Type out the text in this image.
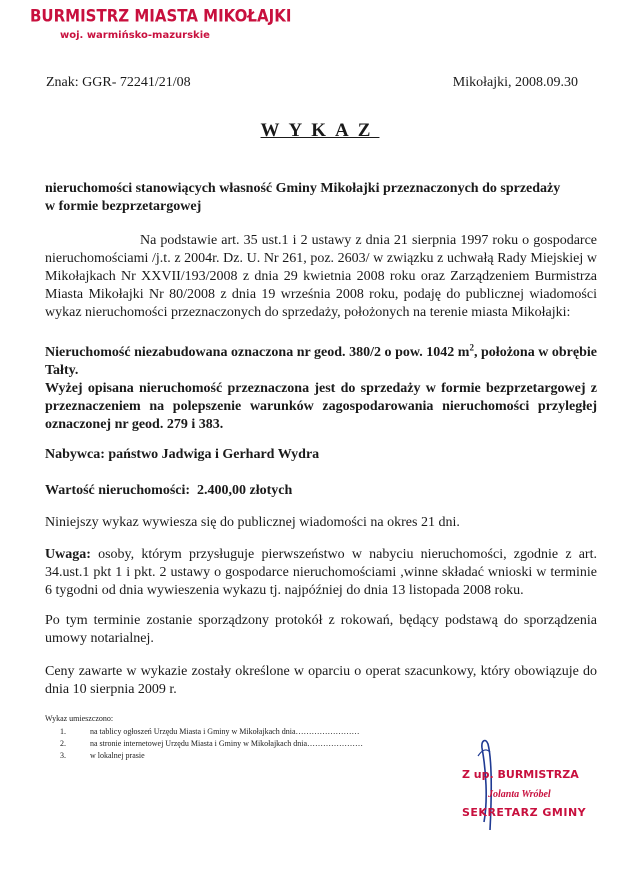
BURMISTRZ MIASTA MIKOŁAJKI
woj. warmińsko-mazurskie
Znak: GGR- 72241/21/08	Mikołajki, 2008.09.30
WYKAZ
nieruchomości stanowiących własność Gminy Mikołajki przeznaczonych do sprzedaży
w formie bezprzetargowej
Na podstawie art. 35 ust.1 i 2 ustawy z dnia 21 sierpnia 1997 roku o gospodarce nieruchomościami /j.t. z 2004r. Dz. U. Nr 261, poz. 2603/ w związku z uchwałą Rady Miejskiej w Mikołajkach Nr XXVII/193/2008 z dnia 29 kwietnia 2008 roku oraz Zarządzeniem Burmistrza Miasta Mikołajki Nr 80/2008 z dnia 19 września 2008 roku, podaję do publicznej wiadomości wykaz nieruchomości przeznaczonych do sprzedaży, położonych na terenie miasta Mikołajki:
Nieruchomość niezabudowana oznaczona nr geod. 380/2 o pow. 1042 $m^2$, położona w obrębie Tałty.
Wyżej opisana nieruchomość przeznaczona jest do sprzedaży w formie bezprzetargowej z przeznaczeniem na polepszenie warunków zagospodarowania nieruchomości przyległej oznaczonej nr geod. 279 i 383.
Nabywca: państwo Jadwiga i Gerhard Wydra
Wartość nieruchomości: 2.400,00 złotych
Niniejszy wykaz wywiesza się do publicznej wiadomości na okres 21 dni.
Uwaga: osoby, którym przysługuje pierwszeństwo w nabyciu nieruchomości, zgodnie z art. 34.ust.1 pkt 1 i pkt. 2 ustawy o gospodarce nieruchomościami ,winne składać wnioski w terminie 6 tygodni od dnia wywieszenia wykazu tj. najpóźniej do dnia 13 listopada 2008 roku.
Po tym terminie zostanie sporządzony protokół z rokowań, będący podstawą do sporządzenia umowy notarialnej.
Ceny zawarte w wykazie zostały określone w oparciu o operat szacunkowy, który obowiązuje do dnia 10 sierpnia 2009 r.
Wykaz umieszczono:
1.	na tablicy ogłoszeń Urzędu Miasta i Gminy w Mikołajkach dnia……………………
2.	na stronie internetowej Urzędu Miasta i Gminy w Mikołajkach dnia…………………
3.	w lokalnej prasie
Z up. BURMISTRZA
Jolanta Wróbel
SEKRETARZ GMINY
